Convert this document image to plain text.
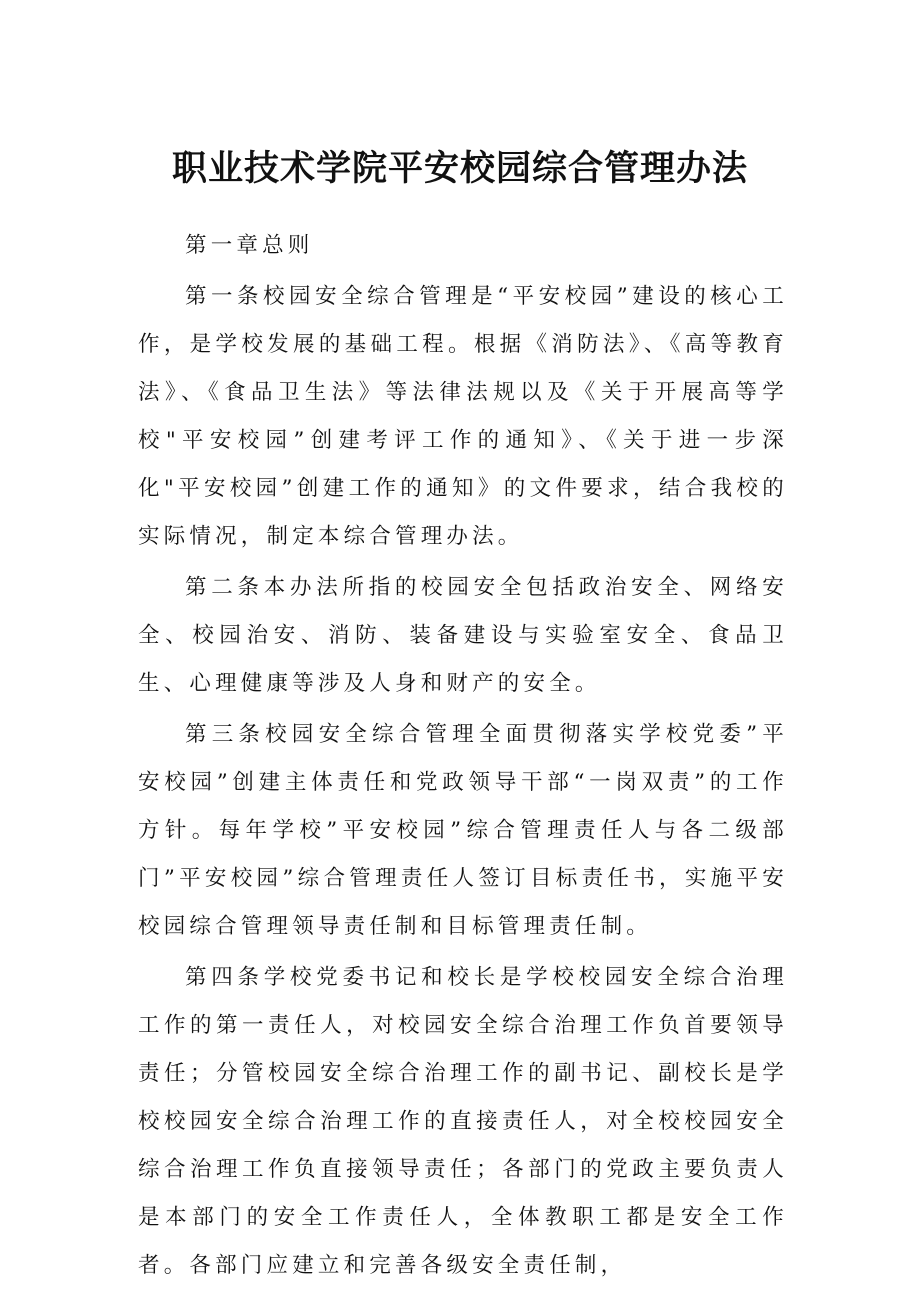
职业技术学院平安校园综合管理办法

第一章总则

第一条校园安全综合管理是“平安校园”建设的核心工作，是学校发展的基础工程。根据《消防法》、《高等教育法》、《食品卫生法》等法律法规以及《关于开展高等学校"平安校园”创建考评工作的通知》、《关于进一步深化"平安校园”创建工作的通知》的文件要求，结合我校的实际情况，制定本综合管理办法。

第二条本办法所指的校园安全包括政治安全、网络安全、校园治安、消防、装备建设与实验室安全、食品卫生、心理健康等涉及人身和财产的安全。

第三条校园安全综合管理全面贯彻落实学校党委”平安校园”创建主体责任和党政领导干部“一岗双责”的工作方针。每年学校”平安校园”综合管理责任人与各二级部门”平安校园”综合管理责任人签订目标责任书，实施平安校园综合管理领导责任制和目标管理责任制。

第四条学校党委书记和校长是学校校园安全综合治理工作的第一责任人，对校园安全综合治理工作负首要领导责任；分管校园安全综合治理工作的副书记、副校长是学校校园安全综合治理工作的直接责任人，对全校校园安全综合治理工作负直接领导责任；各部门的党政主要负责人是本部门的安全工作责任人，全体教职工都是安全工作者。各部门应建立和完善各级安全责任制，
